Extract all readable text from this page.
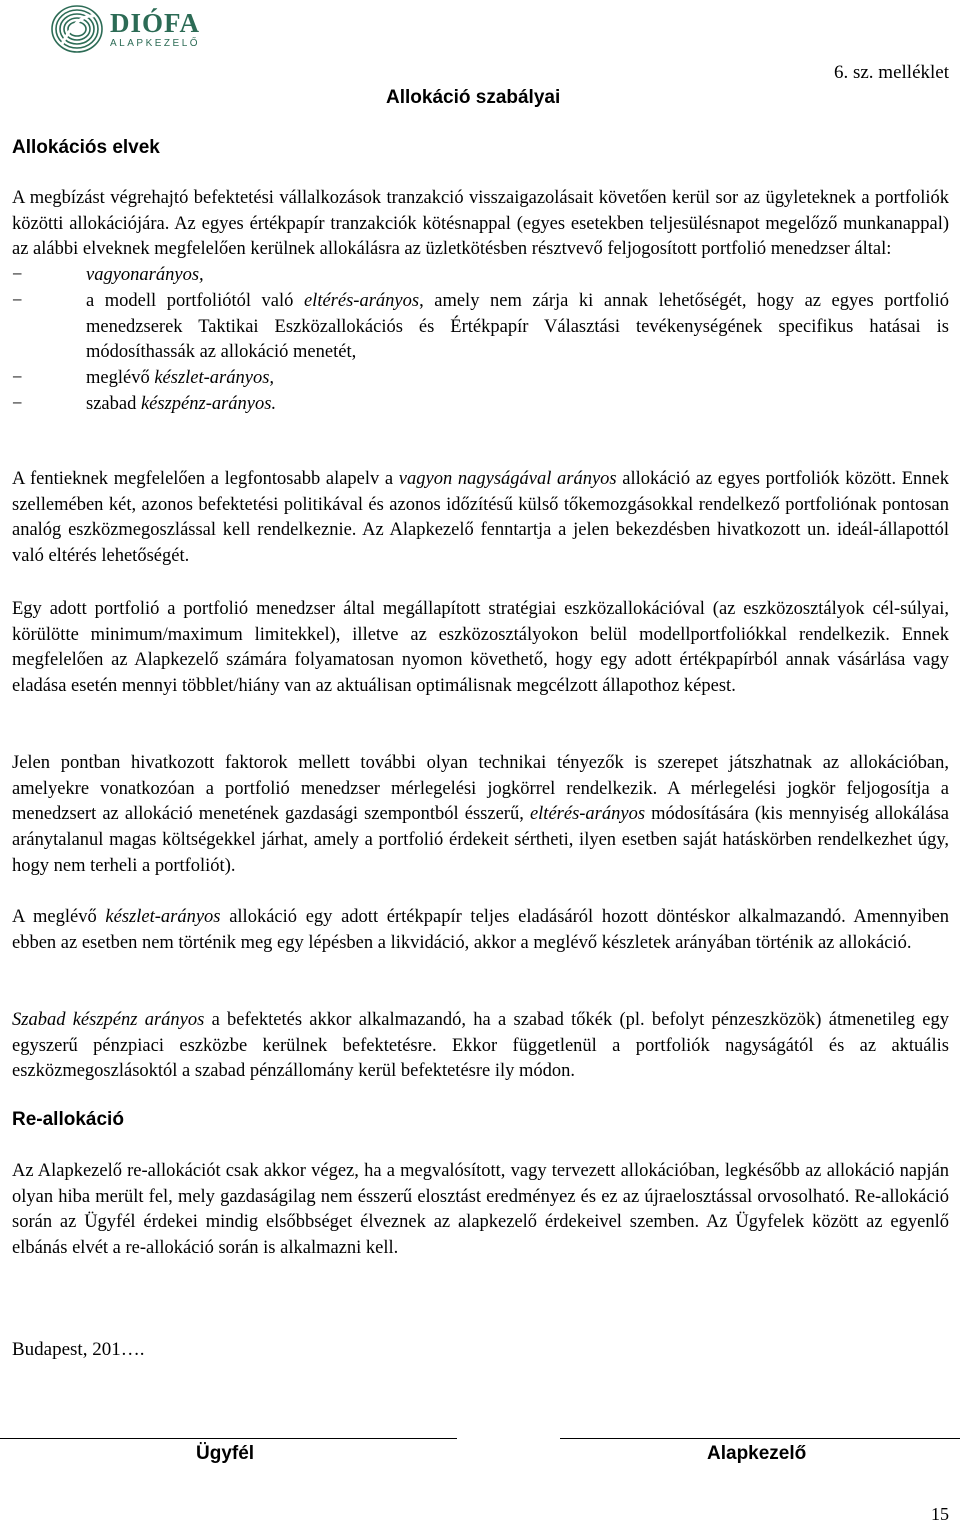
DIÓFA
ALAPKEZELŐ
6. sz. melléklet
Allokáció szabályai
Allokációs elvek

A megbízást végrehajtó befektetési vállalkozások tranzakció visszaigazolásait követően kerül sor az ügyleteknek a portfoliók közötti allokációjára. Az egyes értékpapír tranzakciók kötésnappal (egyes esetekben teljesülésnapot megelőző munkanappal) az alábbi elveknek megfelelően kerülnek allokálásra az üzletkötésben résztvevő feljogosított portfolió menedzser által:

− vagyonarányos,
− a modell portfoliótól való eltérés-arányos, amely nem zárja ki annak lehetőségét, hogy az egyes portfolió menedzserek Taktikai Eszközallokációs és Értékpapír Választási tevékenységének specifikus hatásai is módosíthassák az allokáció menetét,
− meglévő készlet-arányos,
− szabad készpénz-arányos.

A fentieknek megfelelően a legfontosabb alapelv a vagyon nagyságával arányos allokáció az egyes portfoliók között. Ennek szellemében két, azonos befektetési politikával és azonos időzítésű külső tőkemozgásokkal rendelkező portfoliónak pontosan analóg eszközmegoszlással kell rendelkeznie. Az Alapkezelő fenntartja a jelen bekezdésben hivatkozott un. ideál-állapottól való eltérés lehetőségét.

Egy adott portfolió a portfolió menedzser által megállapított stratégiai eszközallokációval (az eszközosztályok cél-súlyai, körülötte minimum/maximum limitekkel), illetve az eszközosztályokon belül modellportfoliókkal rendelkezik. Ennek megfelelően az Alapkezelő számára folyamatosan nyomon követhető, hogy egy adott értékpapírból annak vásárlása vagy eladása esetén mennyi többlet/hiány van az aktuálisan optimálisnak megcélzott állapothoz képest.

Jelen pontban hivatkozott faktorok mellett további olyan technikai tényezők is szerepet játszhatnak az allokációban, amelyekre vonatkozóan a portfolió menedzser mérlegelési jogkörrel rendelkezik. A mérlegelési jogkör feljogosítja a menedzsert az allokáció menetének gazdasági szempontból ésszerű, eltérés-arányos módosítására (kis mennyiség allokálása aránytalanul magas költségekkel járhat, amely a portfolió érdekeit sértheti, ilyen esetben saját hatáskörben rendelkezhet úgy, hogy nem terheli a portfoliót).

A meglévő készlet-arányos allokáció egy adott értékpapír teljes eladásáról hozott döntéskor alkalmazandó. Amennyiben ebben az esetben nem történik meg egy lépésben a likvidáció, akkor a meglévő készletek arányában történik az allokáció.

Szabad készpénz arányos a befektetés akkor alkalmazandó, ha a szabad tőkék (pl. befolyt pénzeszközök) átmenetileg egy egyszerű pénzpiaci eszközbe kerülnek befektetésre. Ekkor függetlenül a portfoliók nagyságától és az aktuális eszközmegoszlásoktól a szabad pénzállomány kerül befektetésre ily módon.

Re-allokáció

Az Alapkezelő re-allokációt csak akkor végez, ha a megvalósított, vagy tervezett allokációban, legkésőbb az allokáció napján olyan hiba merült fel, mely gazdaságilag nem ésszerű elosztást eredményez és ez az újraelosztással orvosolható. Re-allokáció során az Ügyfél érdekei mindig elsőbbséget élveznek az alapkezelő érdekeivel szemben. Az Ügyfelek között az egyenlő elbánás elvét a re-allokáció során is alkalmazni kell.

Budapest, 201….
Ügyfél	Alapkezelő
15
